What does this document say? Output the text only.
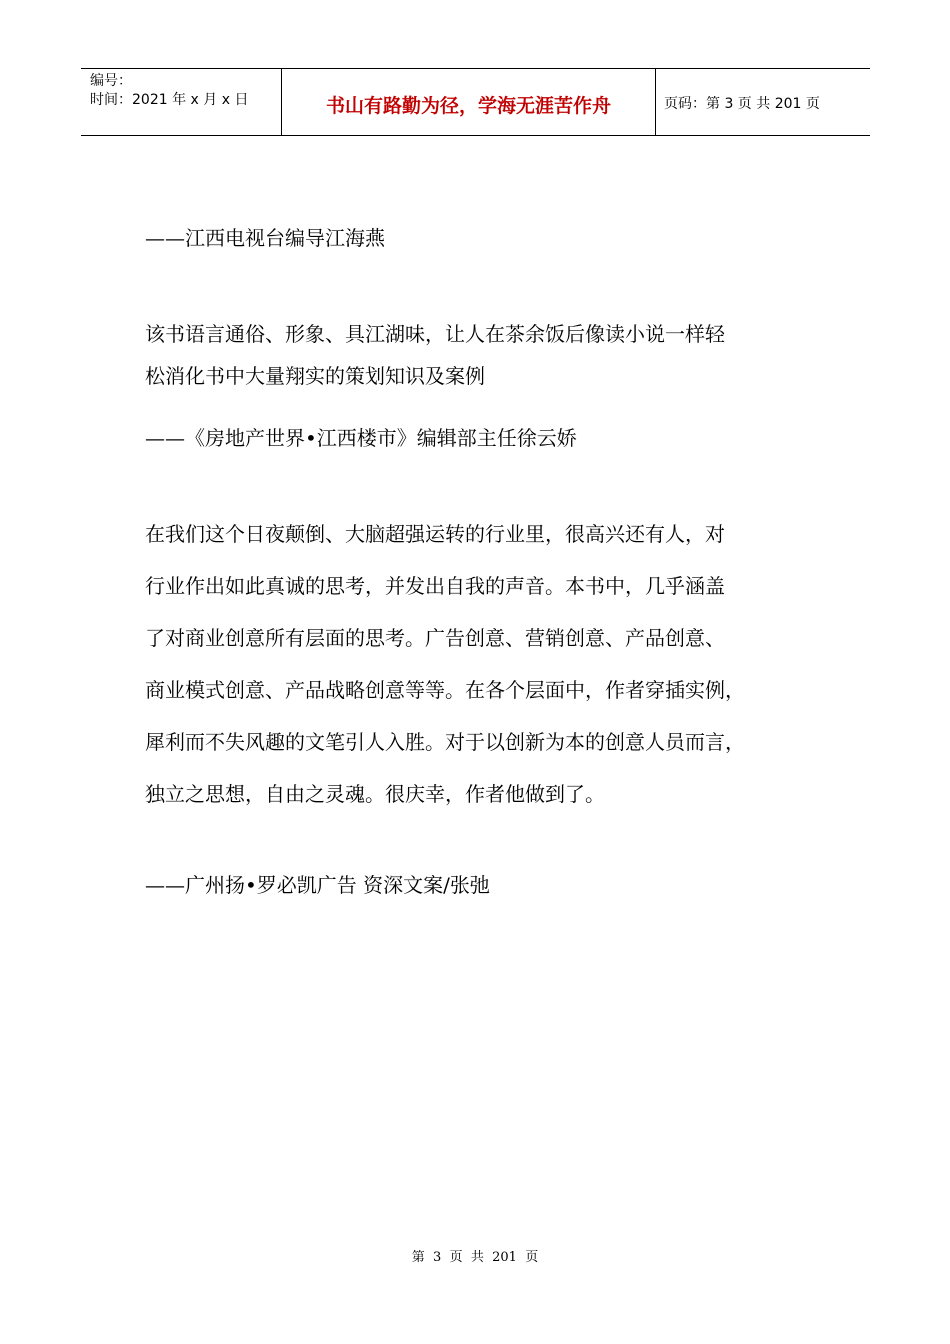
编号：
时间：2021 年 x 月 x 日	书山有路勤为径，学海无涯苦作舟	页码：第 3 页 共 201 页
——江西电视台编导江海燕
该书语言通俗、形象、具江湖味，让人在茶余饭后像读小说一样轻
松消化书中大量翔实的策划知识及案例
——《房地产世界•江西楼市》编辑部主任徐云娇
在我们这个日夜颠倒、大脑超强运转的行业里，很高兴还有人，对
行业作出如此真诚的思考，并发出自我的声音。本书中，几乎涵盖
了对商业创意所有层面的思考。广告创意、营销创意、产品创意、
商业模式创意、产品战略创意等等。在各个层面中，作者穿插实例，
犀利而不失风趣的文笔引人入胜。对于以创新为本的创意人员而言，
独立之思想，自由之灵魂。很庆幸，作者他做到了。
——广州扬•罗必凯广告 资深文案/张弛
第  3  页  共  201  页
